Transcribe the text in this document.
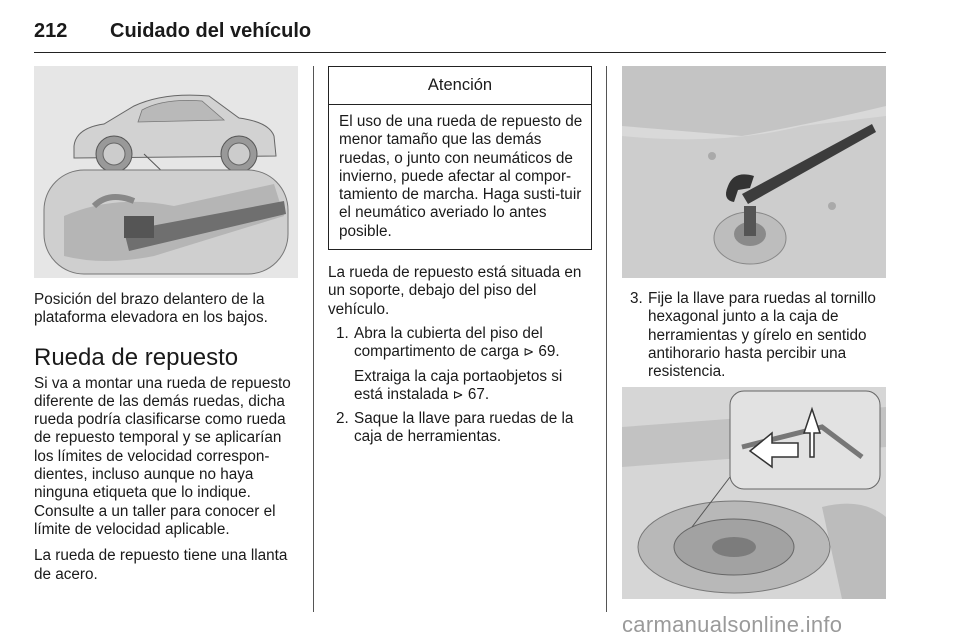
212 Cuidado del vehículo

Posición del brazo delantero de la plataforma elevadora en los bajos.

Rueda de repuesto

Si va a montar una rueda de repuesto diferente de las demás ruedas, dicha rueda podría clasificarse como rueda de repuesto temporal y se aplicarían los límites de velocidad correspon-dientes, incluso aunque no haya ninguna etiqueta que lo indique. Consulte a un taller para conocer el límite de velocidad aplicable.

La rueda de repuesto tiene una llanta de acero.

Atención
El uso de una rueda de repuesto de menor tamaño que las demás ruedas, o junto con neumáticos de invierno, puede afectar al compor-tamiento de marcha. Haga susti-tuir el neumático averiado lo antes posible.

La rueda de repuesto está situada en un soporte, debajo del piso del vehículo.

1. Abra la cubierta del piso del compartimento de carga ⊳ 69.

Extraiga la caja portaobjetos si está instalada ⊳ 67.

2. Saque la llave para ruedas de la caja de herramientas.

3. Fije la llave para ruedas al tornillo hexagonal junto a la caja de herramientas y gírelo en sentido antihorario hasta percibir una resistencia.

carmanualsonline.info
